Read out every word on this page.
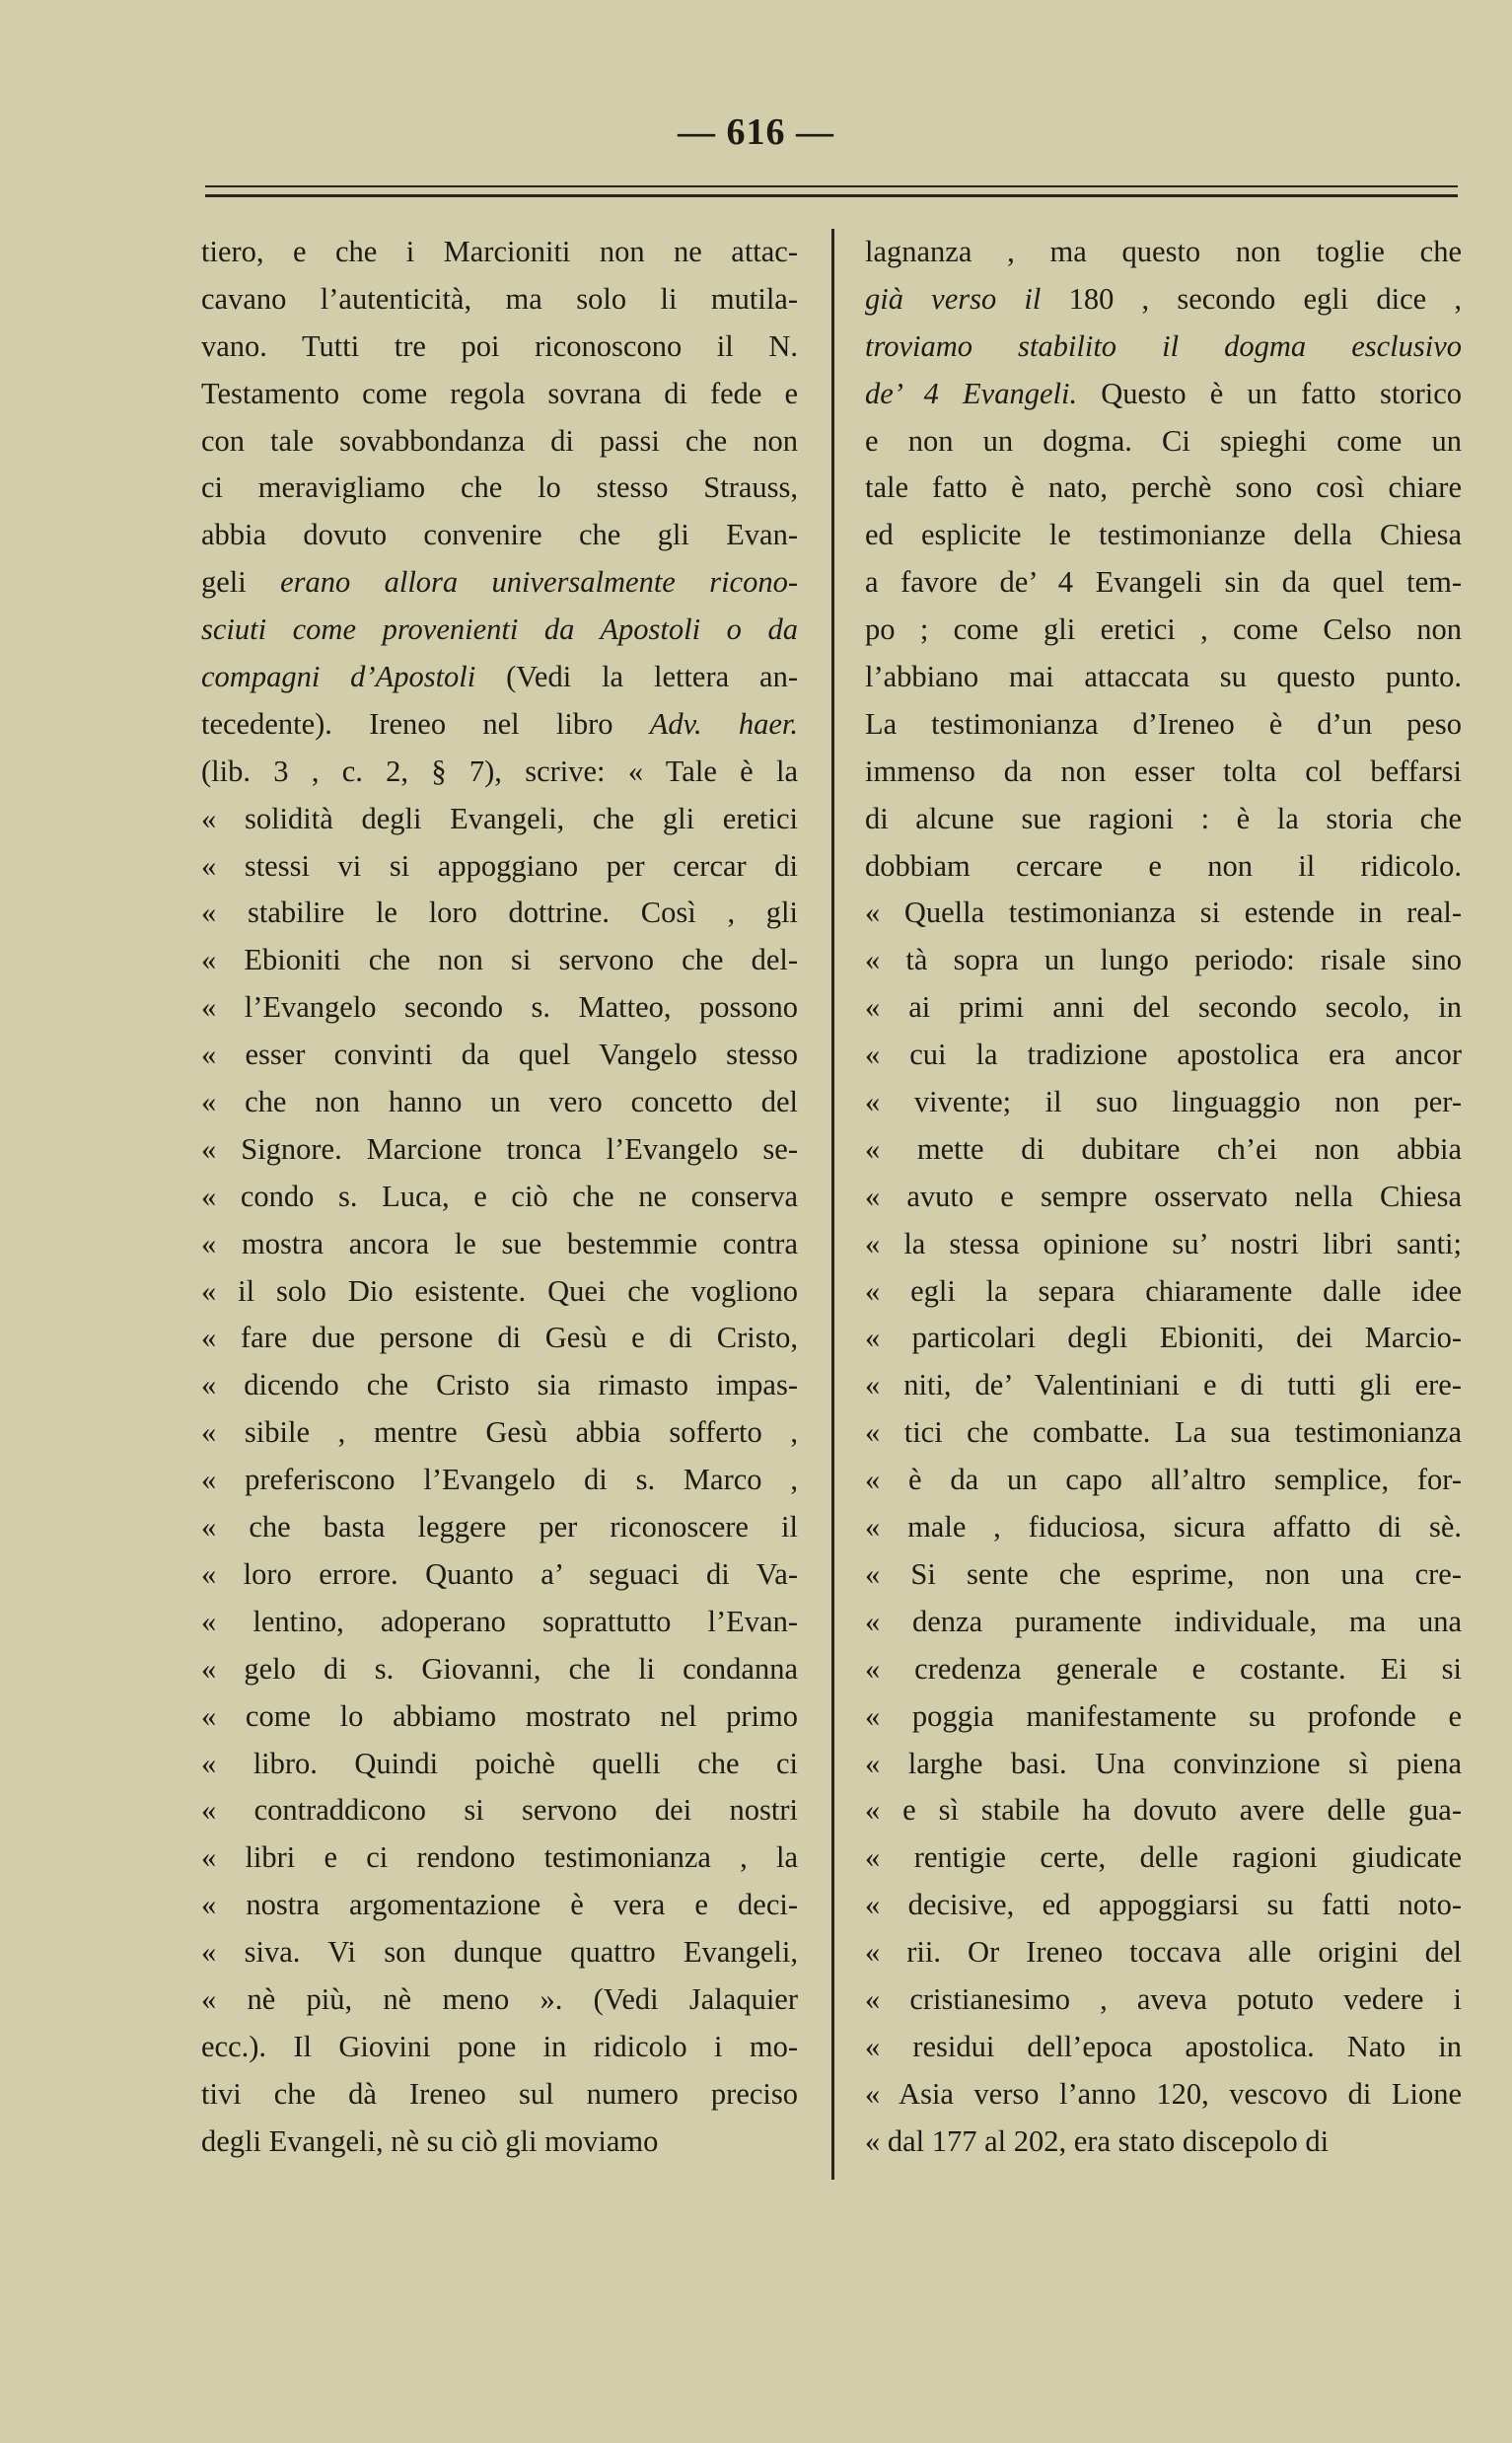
— 616 —
tiero, e che i Marcioniti non ne attac-
cavano l’autenticità, ma solo li mutila-
vano. Tutti tre poi riconoscono il N.
Testamento come regola sovrana di fede e
con tale sovabbondanza di passi che non
ci meravigliamo che lo stesso Strauss,
abbia dovuto convenire che gli Evan-
geli erano allora universalmente ricono-
sciuti come provenienti da Apostoli o da
compagni d’Apostoli (Vedi la lettera an-
tecedente). Ireneo nel libro Adv. haer.
(lib. 3 , c. 2, § 7), scrive: « Tale è la
« solidità degli Evangeli, che gli eretici
« stessi vi si appoggiano per cercar di
« stabilire le loro dottrine. Così , gli
« Ebioniti che non si servono che del-
« l’Evangelo secondo s. Matteo, possono
« esser convinti da quel Vangelo stesso
« che non hanno un vero concetto del
« Signore. Marcione tronca l’Evangelo se-
« condo s. Luca, e ciò che ne conserva
« mostra ancora le sue bestemmie contra
« il solo Dio esistente. Quei che vogliono
« fare due persone di Gesù e di Cristo,
« dicendo che Cristo sia rimasto impas-
« sibile , mentre Gesù abbia sofferto ,
« preferiscono l’Evangelo di s. Marco ,
« che basta leggere per riconoscere il
« loro errore. Quanto a’ seguaci di Va-
« lentino, adoperano soprattutto l’Evan-
« gelo di s. Giovanni, che li condanna
« come lo abbiamo mostrato nel primo
« libro. Quindi poichè quelli che ci
« contraddicono si servono dei nostri
« libri e ci rendono testimonianza , la
« nostra argomentazione è vera e deci-
« siva. Vi son dunque quattro Evangeli,
« nè più, nè meno ». (Vedi Jalaquier
ecc.). Il Giovini pone in ridicolo i mo-
tivi che dà Ireneo sul numero preciso
degli Evangeli, nè su ciò gli moviamo
lagnanza , ma questo non toglie che
già verso il 180 , secondo egli dice ,
troviamo stabilito il dogma esclusivo
de’ 4 Evangeli. Questo è un fatto storico
e non un dogma. Ci spieghi come un
tale fatto è nato, perchè sono così chiare
ed esplicite le testimonianze della Chiesa
a favore de’ 4 Evangeli sin da quel tem-
po ; come gli eretici , come Celso non
l’abbiano mai attaccata su questo punto.
La testimonianza d’Ireneo è d’un peso
immenso da non esser tolta col beffarsi
di alcune sue ragioni : è la storia che
dobbiam cercare e non il ridicolo.
« Quella testimonianza si estende in real-
« tà sopra un lungo periodo: risale sino
« ai primi anni del secondo secolo, in
« cui la tradizione apostolica era ancor
« vivente; il suo linguaggio non per-
« mette di dubitare ch’ei non abbia
« avuto e sempre osservato nella Chiesa
« la stessa opinione su’ nostri libri santi;
« egli la separa chiaramente dalle idee
« particolari degli Ebioniti, dei Marcio-
« niti, de’ Valentiniani e di tutti gli ere-
« tici che combatte. La sua testimonianza
« è da un capo all’altro semplice, for-
« male , fiduciosa, sicura affatto di sè.
« Si sente che esprime, non una cre-
« denza puramente individuale, ma una
« credenza generale e costante. Ei si
« poggia manifestamente su profonde e
« larghe basi. Una convinzione sì piena
« e sì stabile ha dovuto avere delle gua-
« rentigie certe, delle ragioni giudicate
« decisive, ed appoggiarsi su fatti noto-
« rii. Or Ireneo toccava alle origini del
« cristianesimo , aveva potuto vedere i
« residui dell’epoca apostolica. Nato in
« Asia verso l’anno 120, vescovo di Lione
« dal 177 al 202, era stato discepolo di
